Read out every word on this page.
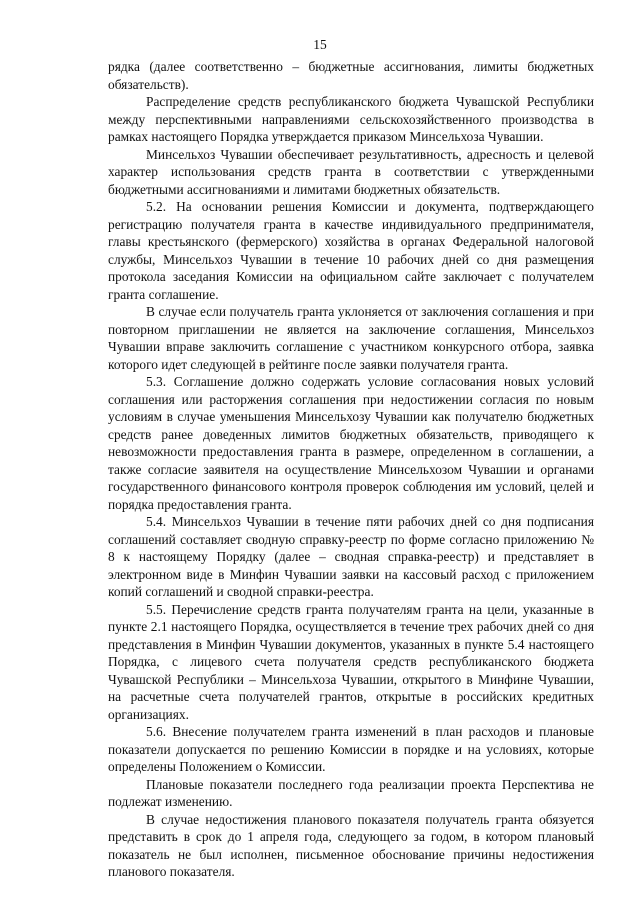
15

рядка (далее соответственно – бюджетные ассигнования, лимиты бюджетных обязательств).

Распределение средств республиканского бюджета Чувашской Республики между перспективными направлениями сельскохозяйственного производства в рамках настоящего Порядка утверждается приказом Минсельхоза Чувашии.

Минсельхоз Чувашии обеспечивает результативность, адресность и целевой характер использования средств гранта в соответствии с утвержденными бюджетными ассигнованиями и лимитами бюджетных обязательств.

5.2. На основании решения Комиссии и документа, подтверждающего регистрацию получателя гранта в качестве индивидуального предпринимателя, главы крестьянского (фермерского) хозяйства в органах Федеральной налоговой службы, Минсельхоз Чувашии в течение 10 рабочих дней со дня размещения протокола заседания Комиссии на официальном сайте заключает с получателем гранта соглашение.

В случае если получатель гранта уклоняется от заключения соглашения и при повторном приглашении не является на заключение соглашения, Минсельхоз Чувашии вправе заключить соглашение с участником конкурсного отбора, заявка которого идет следующей в рейтинге после заявки получателя гранта.

5.3. Соглашение должно содержать условие согласования новых условий соглашения или расторжения соглашения при недостижении согласия по новым условиям в случае уменьшения Минсельхозу Чувашии как получателю бюджетных средств ранее доведенных лимитов бюджетных обязательств, приводящего к невозможности предоставления гранта в размере, определенном в соглашении, а также согласие заявителя на осуществление Минсельхозом Чувашии и органами государственного финансового контроля проверок соблюдения им условий, целей и порядка предоставления гранта.

5.4. Минсельхоз Чувашии в течение пяти рабочих дней со дня подписания соглашений составляет сводную справку-реестр по форме согласно приложению № 8 к настоящему Порядку (далее – сводная справка-реестр) и представляет в электронном виде в Минфин Чувашии заявки на кассовый расход с приложением копий соглашений и сводной справки-реестра.

5.5. Перечисление средств гранта получателям гранта на цели, указанные в пункте 2.1 настоящего Порядка, осуществляется в течение трех рабочих дней со дня представления в Минфин Чувашии документов, указанных в пункте 5.4 настоящего Порядка, с лицевого счета получателя средств республиканского бюджета Чувашской Республики – Минсельхоза Чувашии, открытого в Минфине Чувашии, на расчетные счета получателей грантов, открытые в российских кредитных организациях.

5.6. Внесение получателем гранта изменений в план расходов и плановые показатели допускается по решению Комиссии в порядке и на условиях, которые определены Положением о Комиссии.

Плановые показатели последнего года реализации проекта Перспектива не подлежат изменению.

В случае недостижения планового показателя получатель гранта обязуется представить в срок до 1 апреля года, следующего за годом, в котором плановый показатель не был исполнен, письменное обоснование причины недостижения планового показателя.
